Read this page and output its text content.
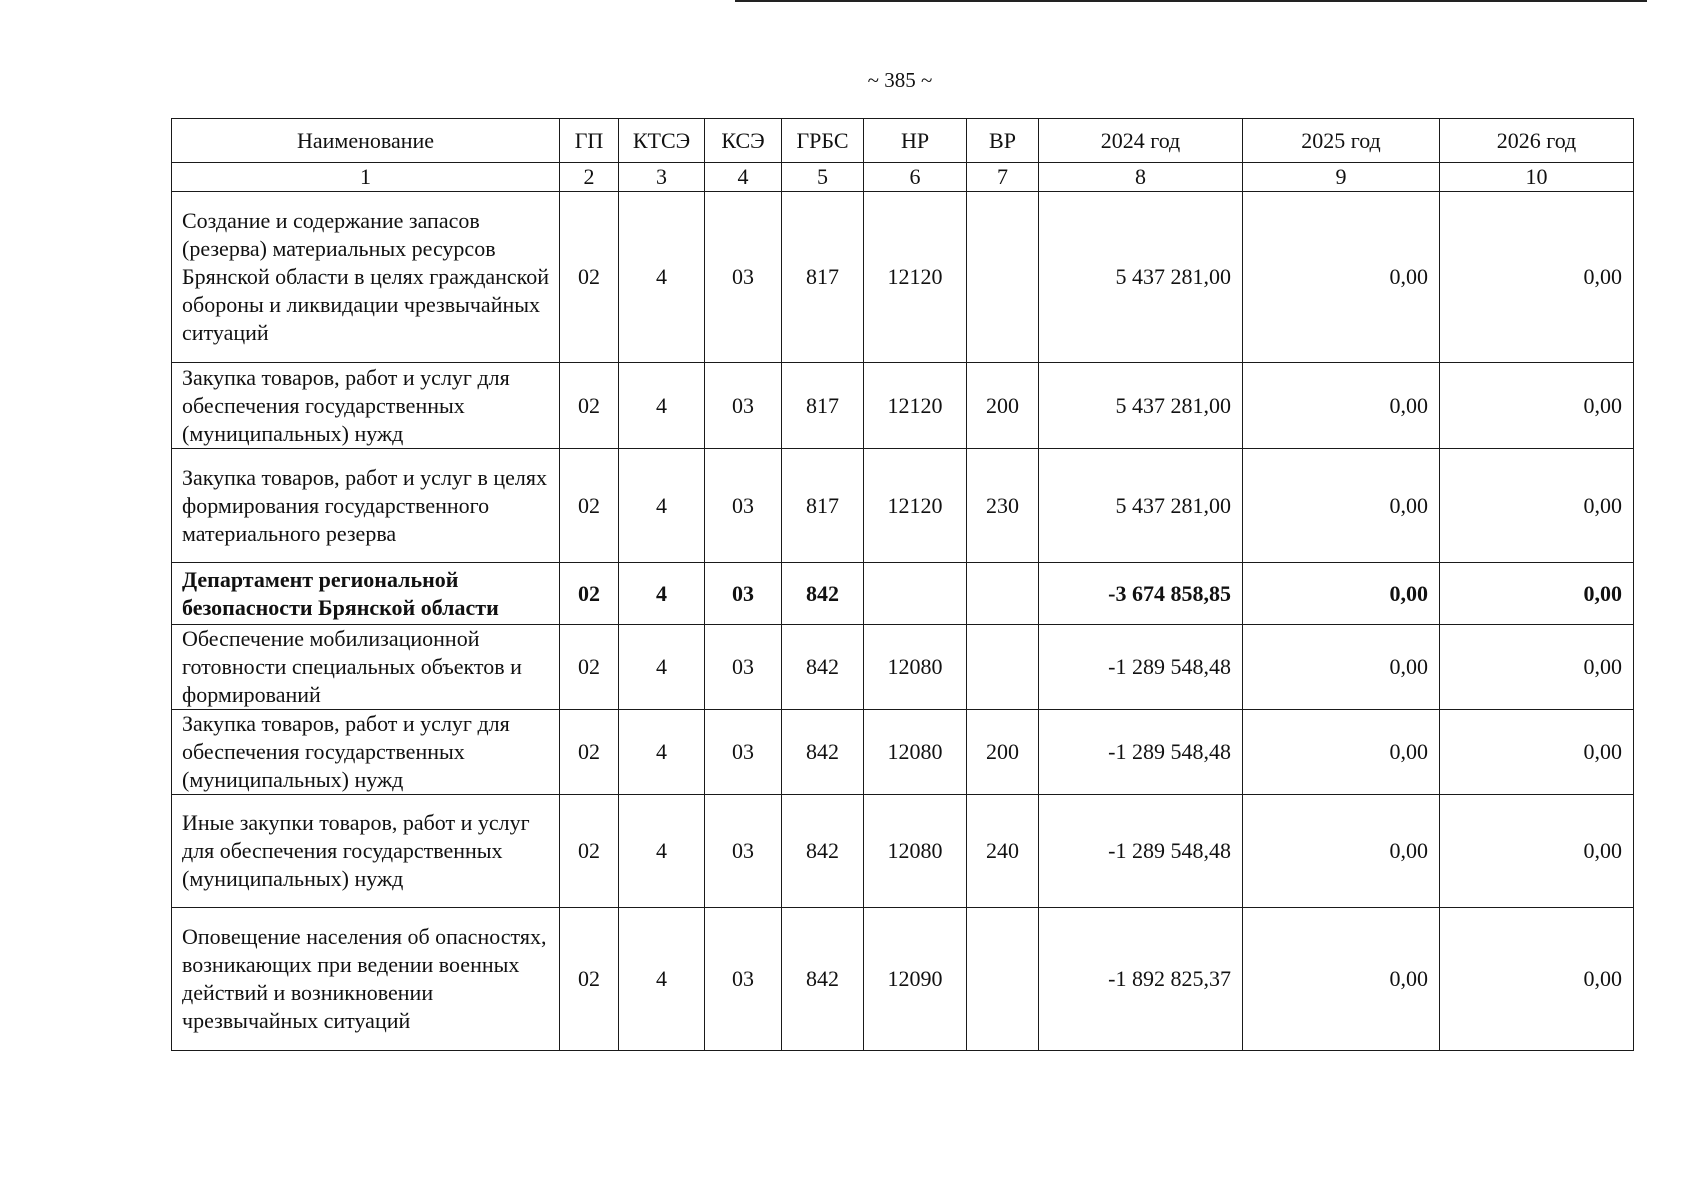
~ 385 ~
Наименование	ГП	КТСЭ	КСЭ	ГРБС	НР	ВР	2024 год	2025 год	2026 год
1	2	3	4	5	6	7	8	9	10
Создание и содержание запасов (резерва) материальных ресурсов Брянской области в целях гражданской обороны и ликвидации чрезвычайных ситуаций	02	4	03	817	12120		5 437 281,00	0,00	0,00
Закупка товаров, работ и услуг для обеспечения государственных (муниципальных) нужд	02	4	03	817	12120	200	5 437 281,00	0,00	0,00
Закупка товаров, работ и услуг в целях формирования государственного материального резерва	02	4	03	817	12120	230	5 437 281,00	0,00	0,00
Департамент региональной безопасности Брянской области	02	4	03	842			-3 674 858,85	0,00	0,00
Обеспечение мобилизационной готовности специальных объектов и формирований	02	4	03	842	12080		-1 289 548,48	0,00	0,00
Закупка товаров, работ и услуг для обеспечения государственных (муниципальных) нужд	02	4	03	842	12080	200	-1 289 548,48	0,00	0,00
Иные закупки товаров, работ и услуг для обеспечения государственных (муниципальных) нужд	02	4	03	842	12080	240	-1 289 548,48	0,00	0,00
Оповещение населения об опасностях, возникающих при ведении военных действий и возникновении чрезвычайных ситуаций	02	4	03	842	12090		-1 892 825,37	0,00	0,00
